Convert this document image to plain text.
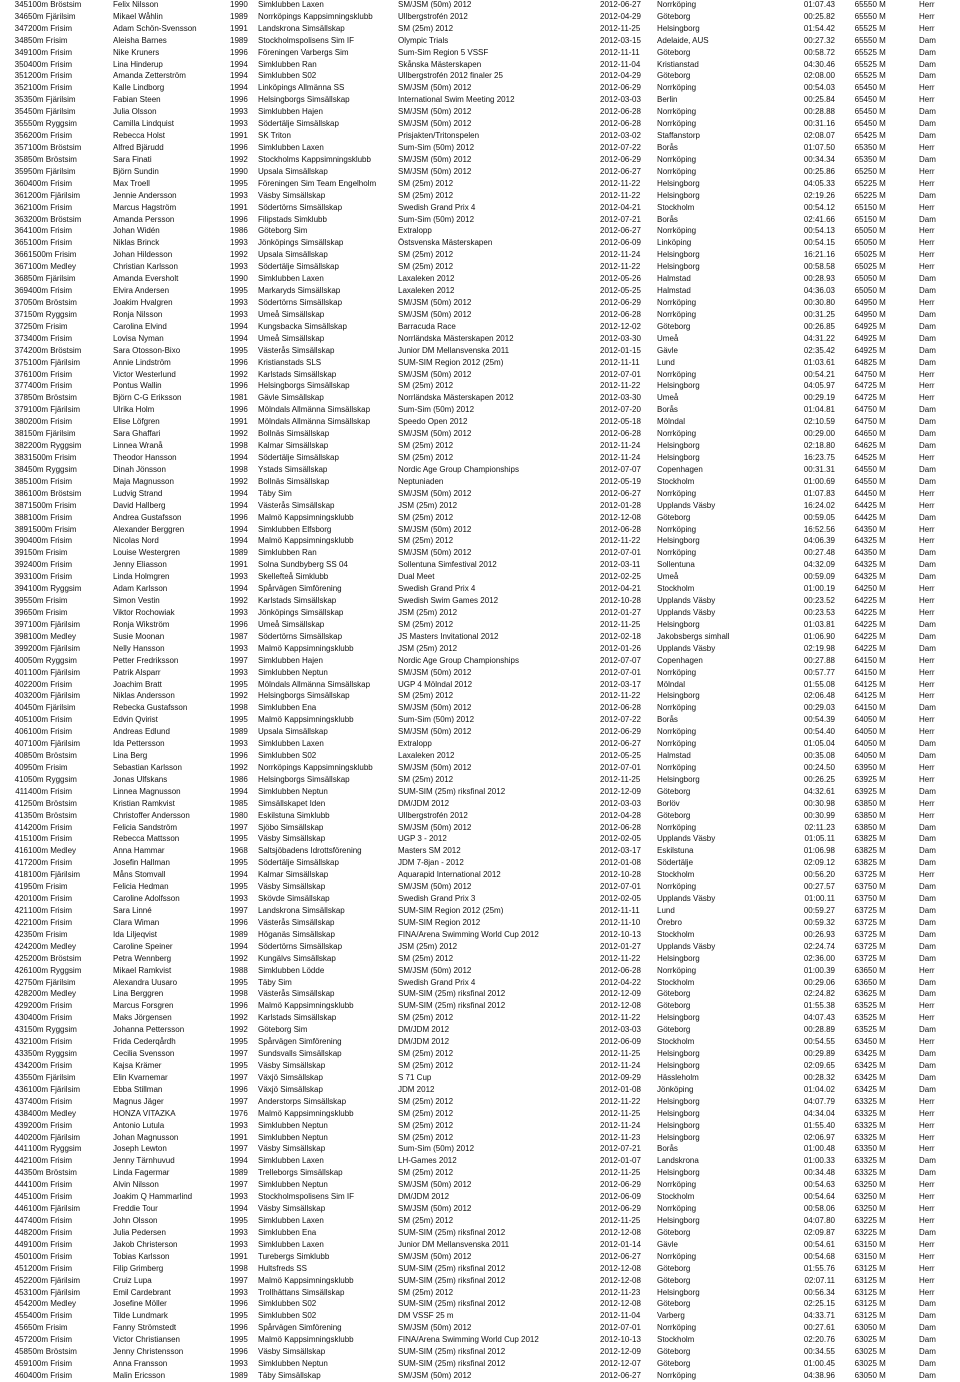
345	100m Bröstsim	Felix Nilsson	1990	Simklubben Laxen	SM/JSM (50m) 2012	2012-06-27	Norrköping	01:07.43	655	50 M	Herr
346	50m Fjärilsim	Mikael Wåhlin	1989	Norrköpings Kappsimningsklubb	Ullbergstrofén 2012	2012-04-29	Göteborg	00:25.82	655	50 M	Herr
347	200m Frisim	Adam Schön-Svensson	1991	Landskrona Simsällskap	SM (25m) 2012	2012-11-25	Helsingborg	01:54.42	655	25 M	Herr
348	50m Frisim	Aleisha Barnes	1989	Stockholmspolisens Sim IF	Olympic Trials	2012-03-15	Adelaide, AUS	00:27.32	655	50 M	Dam
349	100m Frisim	Nike Kruners	1996	Föreningen Varbergs Sim	Sum-Sim Region 5 VSSF	2012-11-11	Göteborg	00:58.72	655	25 M	Dam
350	400m Frisim	Lina Hinderup	1994	Simklubben Ran	Skånska Mästerskapen	2012-11-04	Kristianstad	04:30.46	655	25 M	Dam
351	200m Frisim	Amanda Zetterström	1994	Simklubben S02	Ullbergstrofén 2012 finaler 25	2012-04-29	Göteborg	02:08.00	655	25 M	Dam
352	100m Frisim	Kalle Lindborg	1994	Linköpings Allmänna SS	SM/JSM (50m) 2012	2012-06-29	Norrköping	00:54.03	654	50 M	Herr
353	50m Fjärilsim	Fabian Steen	1996	Helsingborgs Simsällskap	International Swim Meeting 2012	2012-03-03	Berlin	00:25.84	654	50 M	Herr
354	50m Fjärilsim	Julia Olsson	1993	Simklubben Hajen	SM/JSM (50m) 2012	2012-06-28	Norrköping	00:28.88	654	50 M	Dam
355	50m Ryggsim	Camilla Lindquist	1993	Södertälje Simsällskap	SM/JSM (50m) 2012	2012-06-28	Norrköping	00:31.16	654	50 M	Dam
356	200m Frisim	Rebecca Holst	1991	SK Triton	Prisjakten/Tritonspelen	2012-03-02	Staffanstorp	02:08.07	654	25 M	Dam
357	100m Bröstsim	Alfred Bjärudd	1996	Simklubben Laxen	Sum-Sim (50m) 2012	2012-07-22	Borås	01:07.50	653	50 M	Herr
358	50m Bröstsim	Sara Finati	1992	Stockholms Kappsimningsklubb	SM/JSM (50m) 2012	2012-06-29	Norrköping	00:34.34	653	50 M	Dam
359	50m Fjärilsim	Björn Sundin	1990	Upsala Simsällskap	SM/JSM (50m) 2012	2012-06-27	Norrköping	00:25.86	652	50 M	Herr
360	400m Frisim	Max Troell	1995	Föreningen Sim Team Engelholm	SM (25m) 2012	2012-11-22	Helsingborg	04:05.33	652	25 M	Herr
361	200m Fjärilsim	Jennie Andersson	1993	Väsby Simsällskap	SM (25m) 2012	2012-11-22	Helsingborg	02:19.26	652	25 M	Dam
362	100m Frisim	Marcus Hagström	1991	Södertörns Simsällskap	Swedish Grand Prix 4	2012-04-21	Stockholm	00:54.12	651	50 M	Herr
363	200m Bröstsim	Amanda Persson	1996	Filipstads Simklubb	Sum-Sim (50m) 2012	2012-07-21	Borås	02:41.66	651	50 M	Dam
364	100m Frisim	Johan Widén	1986	Göteborg Sim	Extralopp	2012-06-27	Norrköping	00:54.13	650	50 M	Herr
365	100m Frisim	Niklas Brinck	1993	Jönköpings Simsällskap	Östsvenska Mästerskapen	2012-06-09	Linköping	00:54.15	650	50 M	Herr
366	1500m Frisim	Johan Hildesson	1992	Upsala Simsällskap	SM (25m) 2012	2012-11-24	Helsingborg	16:21.16	650	25 M	Herr
367	100m Medley	Christian Karlsson	1993	Södertälje Simsällskap	SM (25m) 2012	2012-11-22	Helsingborg	00:58.58	650	25 M	Herr
368	50m Fjärilsim	Amanda Eversholt	1990	Simklubben Laxen	Laxaleken 2012	2012-05-26	Halmstad	00:28.93	650	50 M	Dam
369	400m Frisim	Elvira Andersen	1995	Markaryds Simsällskap	Laxaleken 2012	2012-05-25	Halmstad	04:36.03	650	50 M	Dam
370	50m Bröstsim	Joakim Hvalgren	1993	Södertörns Simsällskap	SM/JSM (50m) 2012	2012-06-29	Norrköping	00:30.80	649	50 M	Herr
371	50m Ryggsim	Ronja Nilsson	1993	Umeå Simsällskap	SM/JSM (50m) 2012	2012-06-28	Norrköping	00:31.25	649	50 M	Dam
372	50m Frisim	Carolina Elvind	1994	Kungsbacka Simsällskap	Barracuda Race	2012-12-02	Göteborg	00:26.85	649	25 M	Dam
373	400m Frisim	Lovisa Nyman	1994	Umeå Simsällskap	Norrländska Mästerskapen 2012	2012-03-30	Umeå	04:31.22	649	25 M	Dam
374	200m Bröstsim	Sara Otosson-Bixo	1995	Västerås Simsällskap	Junior DM Mellansvenska 2011	2012-01-15	Gävle	02:35.42	649	25 M	Dam
375	100m Fjärilsim	Annie Lindström	1996	Kristianstads SLS	SUM-SIM Region 2012 (25m)	2012-11-11	Lund	01:03.61	648	25 M	Dam
376	100m Frisim	Victor Westerlund	1992	Karlstads Simsällskap	SM/JSM (50m) 2012	2012-07-01	Norrköping	00:54.21	647	50 M	Herr
377	400m Frisim	Pontus Wallin	1996	Helsingborgs Simsällskap	SM (25m) 2012	2012-11-22	Helsingborg	04:05.97	647	25 M	Herr
378	50m Bröstsim	Björn C-G Eriksson	1981	Gävle Simsällskap	Norrländska Mästerskapen 2012	2012-03-30	Umeå	00:29.19	647	25 M	Herr
379	100m Fjärilsim	Ulrika Holm	1996	Mölndals Allmänna Simsällskap	Sum-Sim (50m) 2012	2012-07-20	Borås	01:04.81	647	50 M	Dam
380	200m Frisim	Elise Löfgren	1991	Mölndals Allmänna Simsällskap	Speedo Open 2012	2012-05-18	Mölndal	02:10.59	647	50 M	Dam
381	50m Fjärilsim	Sara Ghaffari	1992	Bollnäs Simsällskap	SM/JSM (50m) 2012	2012-06-28	Norrköping	00:29.00	646	50 M	Dam
382	200m Ryggsim	Linnea Wranå	1998	Kalmar Simsällskap	SM (25m) 2012	2012-11-24	Helsingborg	02:18.80	646	25 M	Dam
383	1500m Frisim	Theodor Hansson	1994	Södertälje Simsällskap	SM (25m) 2012	2012-11-24	Helsingborg	16:23.75	645	25 M	Herr
384	50m Ryggsim	Dinah Jönsson	1998	Ystads Simsällskap	Nordic Age Group Championships	2012-07-07	Copenhagen	00:31.31	645	50 M	Dam
385	100m Frisim	Maja Magnusson	1992	Bollnäs Simsällskap	Neptuniaden	2012-05-19	Stockholm	01:00.69	645	50 M	Dam
386	100m Bröstsim	Ludvig Strand	1994	Täby Sim	SM/JSM (50m) 2012	2012-06-27	Norrköping	01:07.83	644	50 M	Herr
387	1500m Frisim	David Hallberg	1994	Västerås Simsällskap	JSM (25m) 2012	2012-01-28	Upplands Väsby	16:24.02	644	25 M	Herr
388	100m Frisim	Andrea Gustafsson	1996	Malmö Kappsimningsklubb	SM (25m) 2012	2012-12-08	Göteborg	00:59.05	644	25 M	Dam
389	1500m Frisim	Alexander Berggren	1994	Simklubben Elfsborg	SM/JSM (50m) 2012	2012-06-28	Norrköping	16:52.56	643	50 M	Herr
390	400m Frisim	Nicolas Nord	1994	Malmö Kappsimningsklubb	SM (25m) 2012	2012-11-22	Helsingborg	04:06.39	643	25 M	Herr
391	50m Frisim	Louise Westergren	1989	Simklubben Ran	SM/JSM (50m) 2012	2012-07-01	Norrköping	00:27.48	643	50 M	Dam
392	400m Frisim	Jenny Eliasson	1991	Solna Sundbyberg SS 04	Sollentuna Simfestival 2012	2012-03-11	Sollentuna	04:32.09	643	25 M	Dam
393	100m Frisim	Linda Holmgren	1993	Skellefteå Simklubb	Dual Meet	2012-02-25	Umeå	00:59.09	643	25 M	Dam
394	100m Ryggsim	Adam Karlsson	1994	Spårvägen Simförening	Swedish Grand Prix 4	2012-04-21	Stockholm	01:00.19	642	50 M	Herr
395	50m Frisim	Simon Vestin	1992	Karlstads Simsällskap	Swedish Swim Games 2012	2012-10-28	Upplands Väsby	00:23.52	642	25 M	Herr
396	50m Frisim	Viktor Rochowiak	1993	Jönköpings Simsällskap	JSM (25m) 2012	2012-01-27	Upplands Väsby	00:23.53	642	25 M	Herr
397	100m Fjärilsim	Ronja Wikström	1996	Umeå Simsällskap	SM (25m) 2012	2012-11-25	Helsingborg	01:03.81	642	25 M	Dam
398	100m Medley	Susie Moonan	1987	Södertörns Simsällskap	JS Masters Invitational 2012	2012-02-18	Jakobsbergs simhall	01:06.90	642	25 M	Dam
399	200m Fjärilsim	Nelly Hansson	1993	Malmö Kappsimningsklubb	JSM (25m) 2012	2012-01-26	Upplands Väsby	02:19.98	642	25 M	Dam
400	50m Ryggsim	Petter Fredriksson	1997	Simklubben Hajen	Nordic Age Group Championships	2012-07-07	Copenhagen	00:27.88	641	50 M	Herr
401	100m Fjärilsim	Patrik Alsparr	1993	Simklubben Neptun	SM/JSM (50m) 2012	2012-07-01	Norrköping	00:57.77	641	50 M	Herr
402	200m Frisim	Joachim Bratt	1995	Mölndals Allmänna Simsällskap	UGP 4 Mölndal 2012	2012-03-17	Mölndal	01:55.08	641	25 M	Herr
403	200m Fjärilsim	Niklas Andersson	1992	Helsingborgs Simsällskap	SM (25m) 2012	2012-11-22	Helsingborg	02:06.48	641	25 M	Herr
404	50m Fjärilsim	Rebecka Gustafsson	1998	Simklubben Ena	SM/JSM (50m) 2012	2012-06-28	Norrköping	00:29.03	641	50 M	Dam
405	100m Frisim	Edvin Qvirist	1995	Malmö Kappsimningsklubb	Sum-Sim (50m) 2012	2012-07-22	Borås	00:54.39	640	50 M	Herr
406	100m Frisim	Andreas Edlund	1989	Upsala Simsällskap	SM/JSM (50m) 2012	2012-06-29	Norrköping	00:54.40	640	50 M	Herr
407	100m Fjärilsim	Ida Pettersson	1993	Simklubben Laxen	Extralopp	2012-06-27	Norrköping	01:05.04	640	50 M	Dam
408	50m Bröstsim	Lina Berg	1996	Simklubben S02	Laxaleken 2012	2012-05-25	Halmstad	00:35.08	640	50 M	Dam
409	50m Frisim	Sebastian Karlsson	1992	Norrköpings Kappsimningsklubb	SM/JSM (50m) 2012	2012-07-01	Norrköping	00:24.50	639	50 M	Herr
410	50m Ryggsim	Jonas Ulfskans	1986	Helsingborgs Simsällskap	SM (25m) 2012	2012-11-25	Helsingborg	00:26.25	639	25 M	Herr
411	400m Frisim	Linnea Magnusson	1994	Simklubben Neptun	SUM-SIM (25m) riksfinal 2012	2012-12-09	Göteborg	04:32.61	639	25 M	Dam
412	50m Bröstsim	Kristian Ramkvist	1985	Simsällskapet Iden	DM/JDM 2012	2012-03-03	Borlöv	00:30.98	638	50 M	Herr
413	50m Bröstsim	Christoffer Andersson	1980	Eskilstuna Simklubb	Ullbergstrofén 2012	2012-04-28	Göteborg	00:30.99	638	50 M	Herr
414	200m Frisim	Felicia Sandström	1997	Sjöbo Simsällskap	SM/JSM (50m) 2012	2012-06-28	Norrköping	02:11.23	638	50 M	Dam
415	100m Frisim	Rebecca Mattsson	1995	Väsby Simsällskap	UGP 3 - 2012	2012-02-05	Upplands Väsby	01:05.11	638	25 M	Dam
416	100m Medley	Anna Hammar	1968	Saltsjöbadens Idrottsförening	Masters SM 2012	2012-03-17	Eskilstuna	01:06.98	638	25 M	Dam
417	200m Frisim	Josefin Hallman	1995	Södertälje Simsällskap	JDM 7-8jan - 2012	2012-01-08	Södertälje	02:09.12	638	25 M	Dam
418	100m Fjärilsim	Måns Stomvall	1994	Kalmar Simsällskap	Aquarapid International 2012	2012-10-28	Stockholm	00:56.20	637	25 M	Herr
419	50m Frisim	Felicia Hedman	1995	Väsby Simsällskap	SM/JSM (50m) 2012	2012-07-01	Norrköping	00:27.57	637	50 M	Dam
420	100m Frisim	Caroline Adolfsson	1993	Skövde Simsällskap	Swedish Grand Prix 3	2012-02-05	Upplands Väsby	01:00.11	637	50 M	Dam
421	100m Frisim	Sara Linné	1997	Landskrona Simsällskap	SUM-SIM Region 2012 (25m)	2012-11-11	Lund	00:59.27	637	25 M	Dam
422	100m Frisim	Clara Wiman	1996	Västerås Simsällskap	SUM-SIM Region 2012	2012-11-10	Örebro	00:59.32	637	25 M	Dam
423	50m Frisim	Ida Liljeqvist	1989	Höganäs Simsällskap	FINA/Arena Swimming World Cup 2012	2012-10-13	Stockholm	00:26.93	637	25 M	Dam
424	200m Medley	Caroline Speiner	1994	Södertörns Simsällskap	JSM (25m) 2012	2012-01-27	Upplands Väsby	02:24.74	637	25 M	Dam
425	200m Bröstsim	Petra Wennberg	1992	Kungälvs Simsällskap	SM (25m) 2012	2012-11-22	Helsingborg	02:36.00	637	25 M	Dam
426	100m Ryggsim	Mikael Ramkvist	1988	Simklubben Lödde	SM/JSM (50m) 2012	2012-06-28	Norrköping	01:00.39	636	50 M	Herr
427	50m Fjärilsim	Alexandra Uusaro	1995	Täby Sim	Swedish Grand Prix 4	2012-04-22	Stockholm	00:29.06	636	50 M	Dam
428	200m Medley	Lina Berggren	1998	Västerås Simsällskap	SUM-SIM (25m) riksfinal 2012	2012-12-09	Göteborg	02:24.82	636	25 M	Dam
429	200m Frisim	Marcus Forsgren	1996	Malmö Kappsimningsklubb	SUM-SIM (25m) riksfinal 2012	2012-12-08	Göteborg	01:55.38	635	25 M	Herr
430	400m Frisim	Maks Jörgensen	1992	Karlstads Simsällskap	SM (25m) 2012	2012-11-22	Helsingborg	04:07.43	635	25 M	Herr
431	50m Ryggsim	Johanna Pettersson	1992	Göteborg Sim	DM/JDM 2012	2012-03-03	Göteborg	00:28.89	635	25 M	Dam
432	100m Frisim	Frida Cederqårdh	1995	Spårvägen Simförening	DM/JDM 2012	2012-06-09	Stockholm	00:54.55	634	50 M	Herr
433	50m Ryggsim	Cecilia Svensson	1997	Sundsvalls Simsällskap	SM (25m) 2012	2012-11-25	Helsingborg	00:29.89	634	25 M	Dam
434	200m Frisim	Kajsa Krämer	1995	Väsby Simsällskap	SM (25m) 2012	2012-11-24	Helsingborg	02:09.65	634	25 M	Dam
435	50m Fjärilsim	Elin Kvarnemar	1997	Växjö Simsällskap	S 71 Cup	2012-09-29	Hässleholm	00:28.32	634	25 M	Dam
436	100m Fjärilsim	Ebba Stillman	1996	Växjö Simsällskap	JDM 2012	2012-01-08	Jönköping	01:04.02	634	25 M	Dam
437	400m Frisim	Magnus Jäger	1997	Anderstorps Simsällskap	SM (25m) 2012	2012-11-22	Helsingborg	04:07.79	633	25 M	Herr
438	400m Medley	HONZA VITAZKA	1976	Malmö Kappsimningsklubb	SM (25m) 2012	2012-11-25	Helsingborg	04:34.04	633	25 M	Herr
439	200m Frisim	Antonio Lutula	1993	Simklubben Neptun	SM (25m) 2012	2012-11-24	Helsingborg	01:55.40	633	25 M	Herr
440	200m Fjärilsim	Johan Magnusson	1991	Simklubben Neptun	SM (25m) 2012	2012-11-23	Helsingborg	02:06.97	633	25 M	Herr
441	100m Ryggsim	Joseph Lewton	1997	Väsby Simsällskap	Sum-Sim (50m) 2012	2012-07-21	Borås	01:00.48	633	50 M	Herr
442	100m Frisim	Jenny Tärnhuvud	1994	Simklubben Laxen	LH-Games 2012	2012-01-07	Landskrona	01:00.33	633	25 M	Dam
443	50m Bröstsim	Linda Fagermar	1989	Trelleborgs Simsällskap	SM (25m) 2012	2012-11-25	Helsingborg	00:34.48	633	25 M	Dam
444	100m Frisim	Alvin Nilsson	1997	Simklubben Neptun	SM/JSM (50m) 2012	2012-06-29	Norrköping	00:54.63	632	50 M	Herr
445	100m Frisim	Joakim Q Hammarlind	1993	Stockholmspolisens Sim IF	DM/JDM 2012	2012-06-09	Stockholm	00:54.64	632	50 M	Herr
446	100m Fjärilsim	Freddie Tour	1994	Väsby Simsällskap	SM/JSM (50m) 2012	2012-06-29	Norrköping	00:58.06	632	50 M	Herr
447	400m Frisim	John Olsson	1995	Simklubben Laxen	SM (25m) 2012	2012-11-25	Helsingborg	04:07.80	632	25 M	Herr
448	200m Frisim	Julia Pedersen	1993	Simklubben Ena	SUM-SIM (25m) riksfinal 2012	2012-12-08	Göteborg	02:09.87	632	25 M	Dam
449	100m Frisim	Jakob Christerson	1993	Simklubben Laxen	Junior DM Mellansvenska 2011	2012-01-14	Gävle	00:54.61	631	50 M	Herr
450	100m Frisim	Tobias Karlsson	1991	Turebergs Simklubb	SM/JSM (50m) 2012	2012-06-27	Norrköping	00:54.68	631	50 M	Herr
451	200m Frisim	Filip Grimberg	1998	Hultsfreds SS	SUM-SIM (25m) riksfinal 2012	2012-12-08	Göteborg	01:55.76	631	25 M	Herr
452	200m Fjärilsim	Cruiz Lupa	1997	Malmö Kappsimningsklubb	SUM-SIM (25m) riksfinal 2012	2012-12-08	Göteborg	02:07.11	631	25 M	Herr
453	100m Fjärilsim	Emil Cardebrant	1993	Trollhättans Simsällskap	SM (25m) 2012	2012-11-23	Helsingborg	00:56.34	631	25 M	Herr
454	200m Medley	Josefine Möller	1996	Simklubben S02	SUM-SIM (25m) riksfinal 2012	2012-12-08	Göteborg	02:25.15	631	25 M	Dam
455	400m Frisim	Tilde Lundmark	1995	Simklubben S02	DM VSSF 25 m	2012-11-04	Varberg	04:33.71	631	25 M	Dam
456	50m Frisim	Fanny Strömstedt	1996	Spårvägen Simförening	SM/JSM (50m) 2012	2012-07-01	Norrköping	00:27.61	630	50 M	Dam
457	200m Frisim	Victor Christiansen	1995	Malmö Kappsimningsklubb	FINA/Arena Swimming World Cup 2012	2012-10-13	Stockholm	02:20.76	630	25 M	Dam
458	50m Bröstsim	Jenny Christensson	1996	Väsby Simsällskap	SUM-SIM (25m) riksfinal 2012	2012-12-09	Göteborg	00:34.55	630	25 M	Dam
459	100m Frisim	Anna Fransson	1993	Simklubben Neptun	SUM-SIM (25m) riksfinal 2012	2012-12-07	Göteborg	01:00.45	630	25 M	Dam
460	400m Frisim	Malin Ericsson	1989	Täby Simsällskap	SM/JSM (50m) 2012	2012-06-27	Norrköping	04:38.96	630	50 M	Dam
